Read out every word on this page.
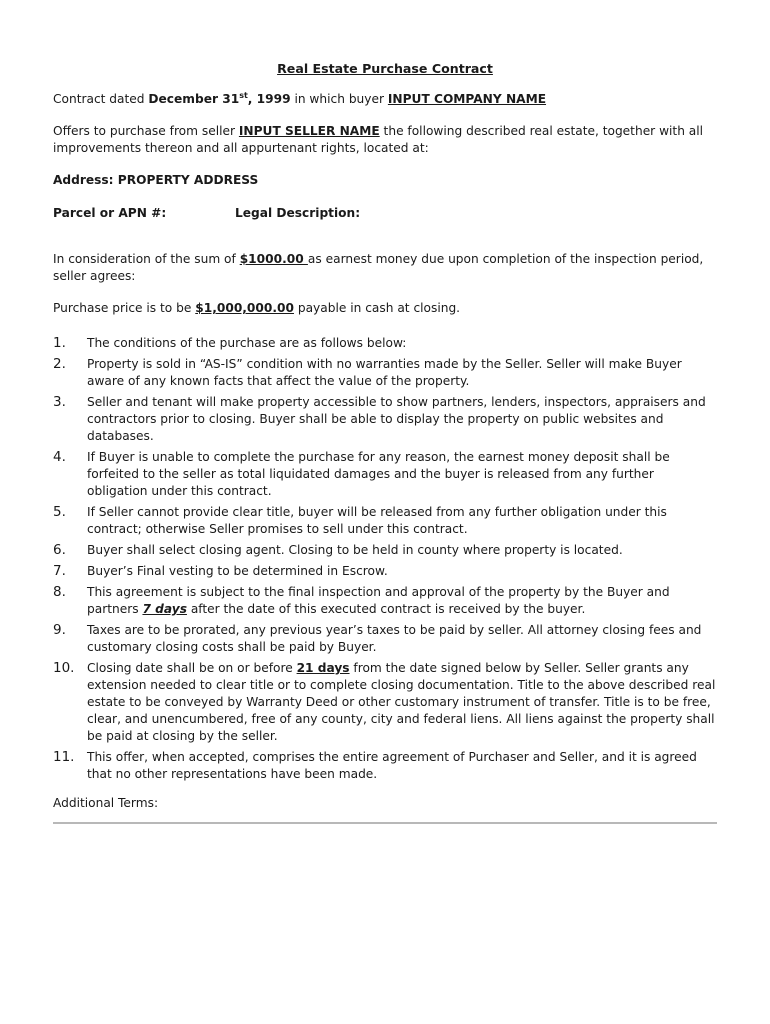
Real Estate Purchase Contract

Contract dated December 31st, 1999 in which buyer INPUT COMPANY NAME

Offers to purchase from seller INPUT SELLER NAME the following described real estate, together with all improvements thereon and all appurtenant rights, located at:

Address: PROPERTY ADDRESS

Parcel or APN #:	Legal Description:

In consideration of the sum of $1000.00 as earnest money due upon completion of the inspection period, seller agrees:

Purchase price is to be $1,000,000.00 payable in cash at closing.

1.	The conditions of the purchase are as follows below:
2.	Property is sold in “AS-IS” condition with no warranties made by the Seller. Seller will make Buyer aware of any known facts that affect the value of the property.
3.	Seller and tenant will make property accessible to show partners, lenders, inspectors, appraisers and contractors prior to closing. Buyer shall be able to display the property on public websites and databases.
4.	If Buyer is unable to complete the purchase for any reason, the earnest money deposit shall be forfeited to the seller as total liquidated damages and the buyer is released from any further obligation under this contract.
5.	If Seller cannot provide clear title, buyer will be released from any further obligation under this contract; otherwise Seller promises to sell under this contract.
6.	Buyer shall select closing agent. Closing to be held in county where property is located.
7.	Buyer’s Final vesting to be determined in Escrow.
8.	This agreement is subject to the final inspection and approval of the property by the Buyer and partners 7 days after the date of this executed contract is received by the buyer.
9.	Taxes are to be prorated, any previous year’s taxes to be paid by seller. All attorney closing fees and customary closing costs shall be paid by Buyer.
10.	Closing date shall be on or before 21 days from the date signed below by Seller. Seller grants any extension needed to clear title or to complete closing documentation. Title to the above described real estate to be conveyed by Warranty Deed or other customary instrument of transfer. Title is to be free, clear, and unencumbered, free of any county, city and federal liens. All liens against the property shall be paid at closing by the seller.
11.	This offer, when accepted, comprises the entire agreement of Purchaser and Seller, and it is agreed that no other representations have been made.

Additional Terms:
